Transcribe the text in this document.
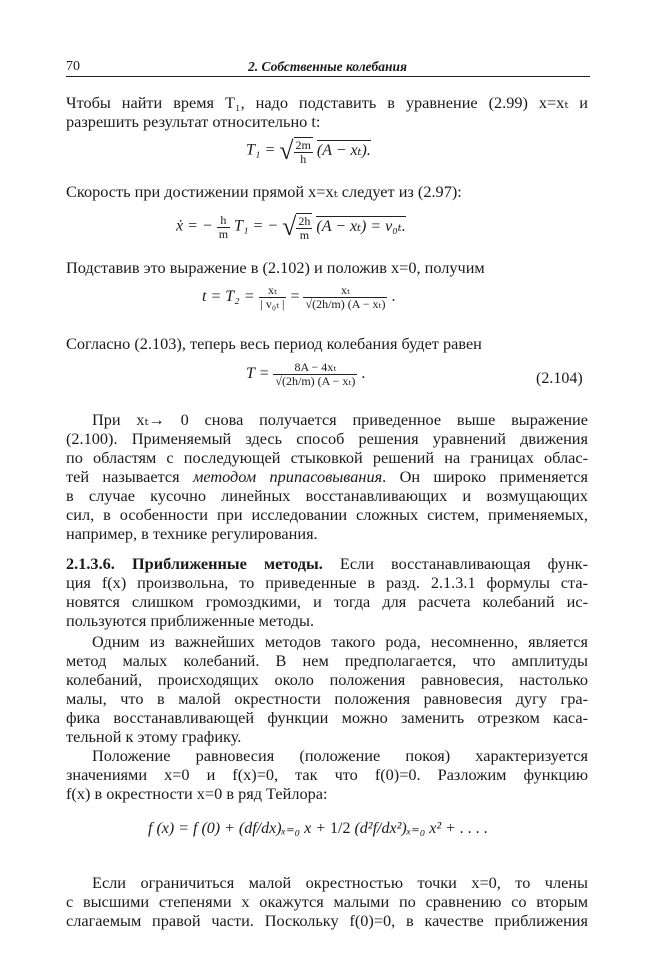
70	2. Собственные колебания
Чтобы найти время T₁, надо подставить в уравнение (2.99) x=xₜ и
разрешить результат относительно t:
T₁ = √ $\frac{2m}{h} (A - x_t)$.
Скорость при достижении прямой x=xₜ следует из (2.97):
ẋ = − $\frac{h}{m} T_1$ = − √ $\frac{2h}{m} (A - x_t) = v_{0t}$.
Подставив это выражение в (2.102) и положив x=0, получим
$t = T_2 = \frac{\text{xₜ}}{\text{| v₀ₜ |}} = \frac{\text{xₜ}}{\text{√(2h/m) (A − xₜ)}}$ .
Согласно (2.103), теперь весь период колебания будет равен
$T = \frac{\text{8A − 4xₜ}}{\text{√(2h/m) (A − xₜ)}}$ .	(2.104)
При xₜ→ 0 снова получается приведенное выше выражение
(2.100). Применяемый здесь способ решения уравнений движения
по областям с последующей стыковкой решений на границах облас-
тей называется методом припасовывания. Он широко применяется
в случае кусочно линейных восстанавливающих и возмущающих
сил, в особенности при исследовании сложных систем, применяемых,
например, в технике регулирования.
2.1.3.6. Приближенные методы. Если восстанавливающая функ-
ция f(x) произвольна, то приведенные в разд. 2.1.3.1 формулы ста-
новятся слишком громоздкими, и тогда для расчета колебаний ис-
пользуются приближенные методы.
Одним из важнейших методов такого рода, несомненно, является
метод малых колебаний. В нем предполагается, что амплитуды
колебаний, происходящих около положения равновесия, настолько
малы, что в малой окрестности положения равновесия дугу гра-
фика восстанавливающей функции можно заменить отрезком каса-
тельной к этому графику.
Положение равновесия (положение покоя) характеризуется
значениями x=0 и f(x)=0, так что f(0)=0. Разложим функцию
f(x) в окрестности x=0 в ряд Тейлора:
f (x) = f (0) + (df/dx)ₓ₌₀ x + 1/2 (d²f/dx²)ₓ₌₀ x² + . . . .
Если ограничиться малой окрестностью точки x=0, то члены
с высшими степенями x окажутся малыми по сравнению со вторым
слагаемым правой части. Поскольку f(0)=0, в качестве приближения
